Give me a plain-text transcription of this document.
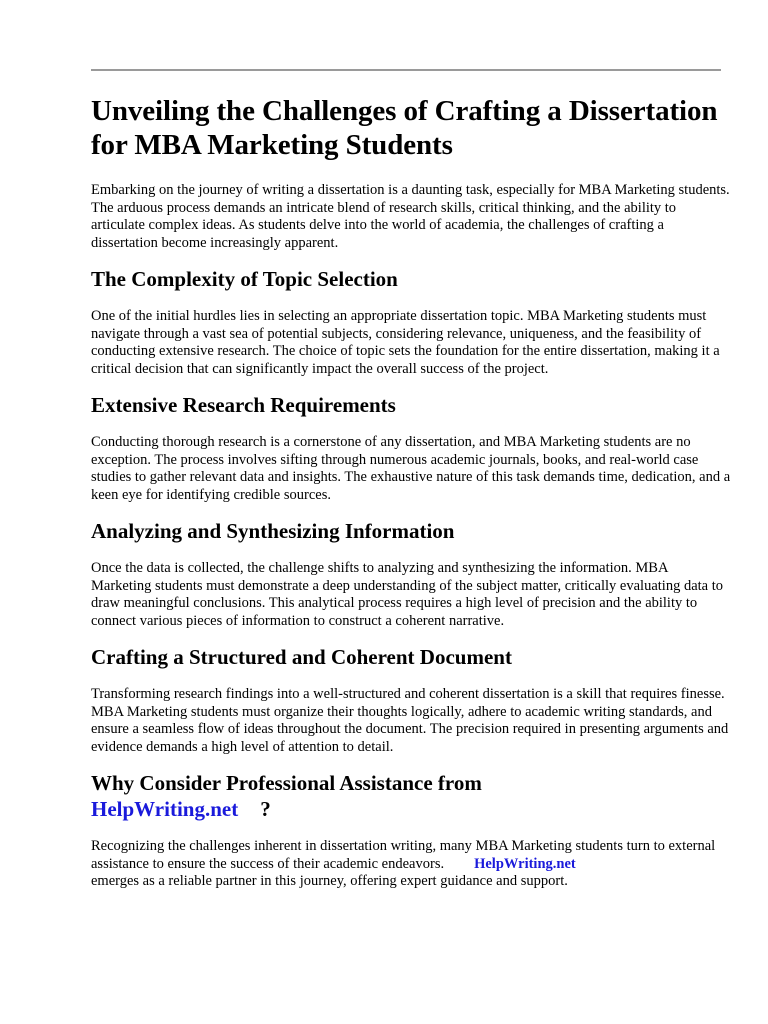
Unveiling the Challenges of Crafting a Dissertation for MBA Marketing Students

Embarking on the journey of writing a dissertation is a daunting task, especially for MBA Marketing students. The arduous process demands an intricate blend of research skills, critical thinking, and the ability to articulate complex ideas. As students delve into the world of academia, the challenges of crafting a dissertation become increasingly apparent.

The Complexity of Topic Selection

One of the initial hurdles lies in selecting an appropriate dissertation topic. MBA Marketing students must navigate through a vast sea of potential subjects, considering relevance, uniqueness, and the feasibility of conducting extensive research. The choice of topic sets the foundation for the entire dissertation, making it a critical decision that can significantly impact the overall success of the project.

Extensive Research Requirements

Conducting thorough research is a cornerstone of any dissertation, and MBA Marketing students are no exception. The process involves sifting through numerous academic journals, books, and real-world case studies to gather relevant data and insights. The exhaustive nature of this task demands time, dedication, and a keen eye for identifying credible sources.

Analyzing and Synthesizing Information

Once the data is collected, the challenge shifts to analyzing and synthesizing the information. MBA Marketing students must demonstrate a deep understanding of the subject matter, critically evaluating data to draw meaningful conclusions. This analytical process requires a high level of precision and the ability to connect various pieces of information to construct a coherent narrative.

Crafting a Structured and Coherent Document

Transforming research findings into a well-structured and coherent dissertation is a skill that requires finesse. MBA Marketing students must organize their thoughts logically, adhere to academic writing standards, and ensure a seamless flow of ideas throughout the document. The precision required in presenting arguments and evidence demands a high level of attention to detail.

Why Consider Professional Assistance from
HelpWriting.net ?

Recognizing the challenges inherent in dissertation writing, many MBA Marketing students turn to external assistance to ensure the success of their academic endeavors. HelpWriting.net
emerges as a reliable partner in this journey, offering expert guidance and support.
